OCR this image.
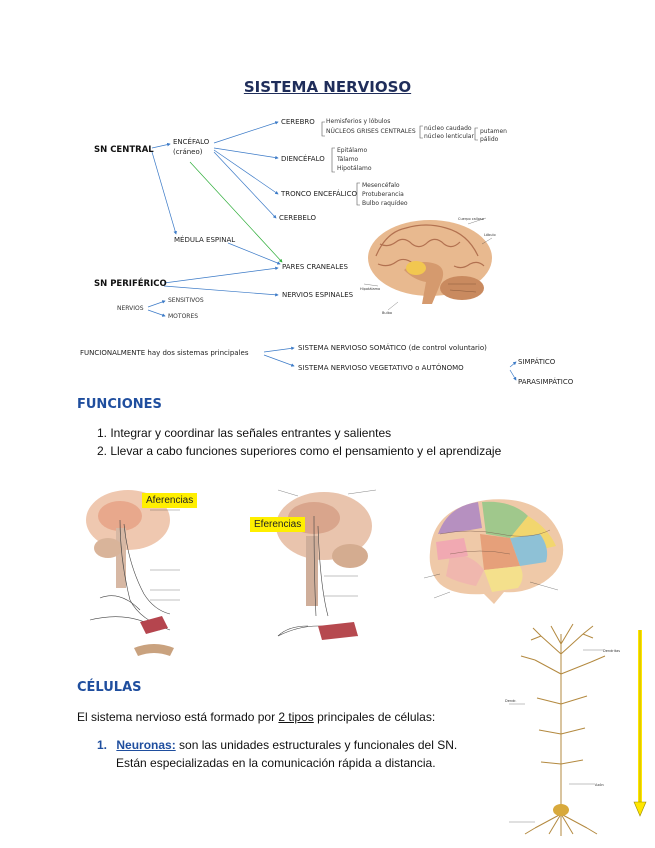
SISTEMA NERVIOSO
SN CENTRAL
ENCÉFALO
(cráneo)
MÉDULA ESPINAL
CEREBRO Hemisferios y lóbulos
NÚCLEOS GRISES CENTRALES núcleo caudado
núcleo lenticular
putamen
pálido
DIENCÉFALO
Epitálamo
Tálamo
Hipotálamo
TRONCO ENCEFÁLICO
Mesencéfalo
Protuberancia
Bulbo raquídeo
CEREBELO
SN PERIFÉRICO
PARES CRANEALES
NERVIOS ESPINALES
NERVIOS
SENSITIVOS
MOTORES
FUNCIONALMENTE hay dos sistemas principales
SISTEMA NERVIOSO SOMÁTICO (de control voluntario)
SISTEMA NERVIOSO VEGETATIVO o AUTÓNOMO
SIMPÁTICO
PARASIMPÁTICO
Cuerpo calloso
Lóbulo
Hipotálamo
Bulbo
FUNCIONES
1. Integrar y coordinar las señales entrantes y salientes
2. Llevar a cabo funciones superiores como el pensamiento y el aprendizaje
Aferencias
Eferencias
CÉLULAS
El sistema nervioso está formado por 2 tipos principales de células:
1. Neuronas: son las unidades estructurales y funcionales del SN.
Están especializadas en la comunicación rápida a distancia.
Dendritas
Dendr.
Axón
